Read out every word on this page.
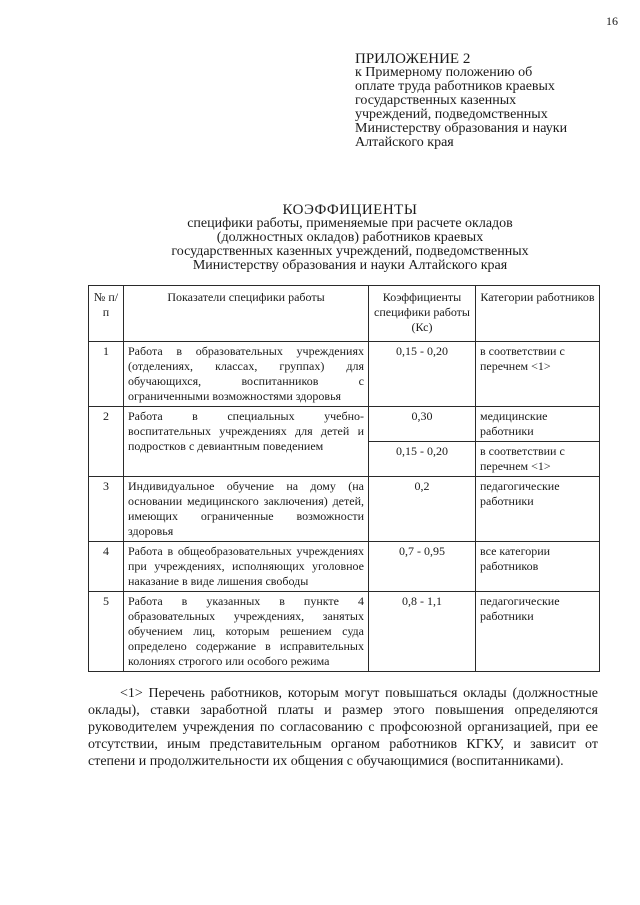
16
ПРИЛОЖЕНИЕ 2
к Примерному положению об
оплате труда работников краевых
государственных казенных
учреждений, подведомственных
Министерству образования и науки
Алтайского края
КОЭФФИЦИЕНТЫ
специфики работы, применяемые при расчете окладов
(должностных окладов) работников краевых
государственных казенных учреждений, подведомственных
Министерству образования и науки Алтайского края
№ п/п	Показатели специфики работы	Коэффициенты специфики работы (Кс)	Категории работников
1	Работа в образовательных учреждениях (отделениях, классах, группах) для обучающихся, воспитанников с ограниченными возможностями здоровья	0,15 - 0,20	в соответствии с перечнем <1>
2	Работа в специальных учебно-воспитательных учреждениях для детей и подростков с девиантным поведением	0,30	медицинские работники
		0,15 - 0,20	в соответствии с перечнем <1>
3	Индивидуальное обучение на дому (на основании медицинского заключения) детей, имеющих ограниченные возможности здоровья	0,2	педагогические работники
4	Работа в общеобразовательных учреждениях при учреждениях, исполняющих уголовное наказание в виде лишения свободы	0,7 - 0,95	все категории работников
5	Работа в указанных в пункте 4 образовательных учреждениях, занятых обучением лиц, которым решением суда определено содержание в исправительных колониях строгого или особого режима	0,8 - 1,1	педагогические работники
<1> Перечень работников, которым могут повышаться оклады (должностные оклады), ставки заработной платы и размер этого повышения определяются руководителем учреждения по согласованию с профсоюзной организацией, при ее отсутствии, иным представительным органом работников КГКУ, и зависит от степени и продолжительности их общения с обучающимися (воспитанниками).
